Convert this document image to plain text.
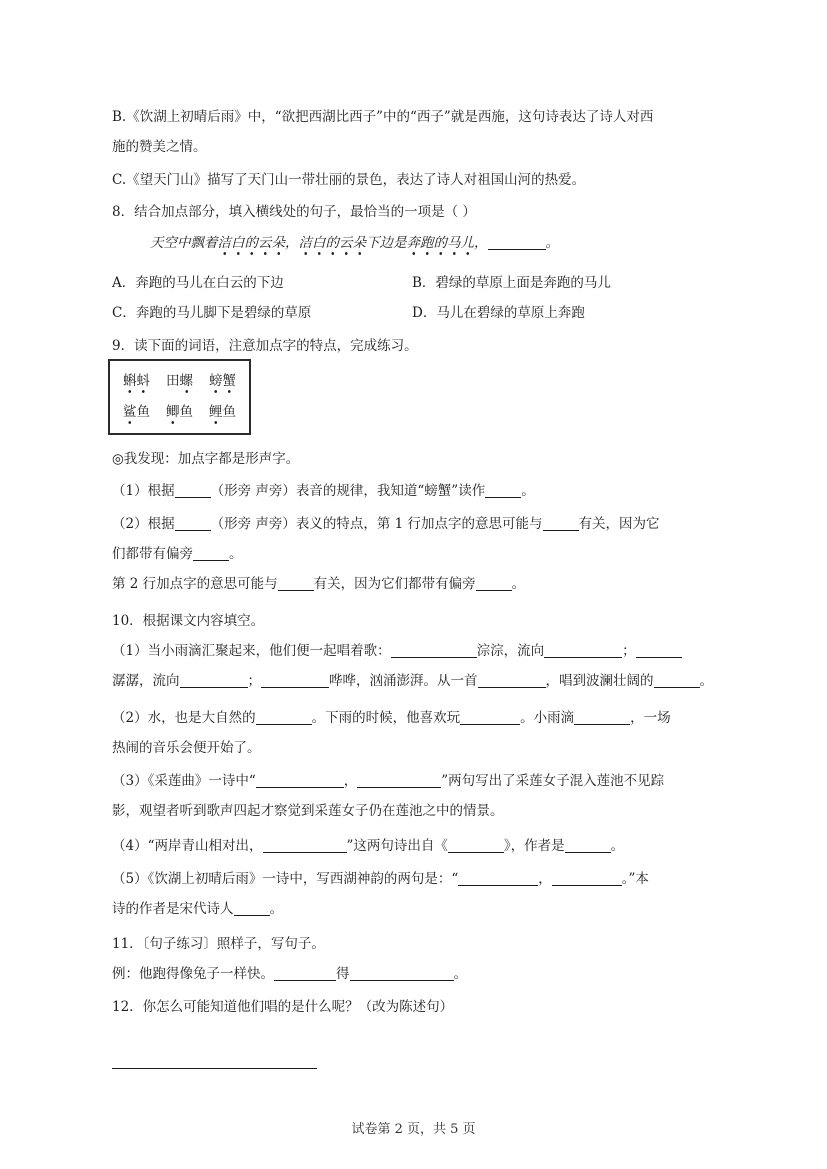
B.《饮湖上初晴后雨》中，“欲把西湖比西子”中的“西子”就是西施，这句诗表达了诗人对西
施的赞美之情。
C.《望天门山》描写了天门山一带壮丽的景色，表达了诗人对祖国山河的热爱。
8．结合加点部分，填入横线处的句子，最恰当的一项是（ ）
天空中飘着洁白的云朵，洁白的云朵下边是奔跑的马儿，	。
A．奔跑的马儿在白云的下边	B．碧绿的草原上面是奔跑的马儿
C．奔跑的马儿脚下是碧绿的草原	D．马儿在碧绿的草原上奔跑
9．读下面的词语，注意加点字的特点，完成练习。
蝌蚪 田螺 螃蟹
鲨鱼 鲫鱼 鲤鱼
◎我发现：加点字都是形声字。
（1）根据	（形旁 声旁）表音的规律，我知道“螃蟹”读作	。
（2）根据	（形旁 声旁）表义的特点，第 1 行加点字的意思可能与	有关，因为它
们都带有偏旁	。
第 2 行加点字的意思可能与	有关，因为它们都带有偏旁	。
10．根据课文内容填空。
（1）当小雨滴汇聚起来，他们便一起唱着歌：	淙淙，流向	；
潺潺，流向	；	哗哗，汹涌澎湃。从一首	，唱到波澜壮阔的	。
（2）水，也是大自然的	。下雨的时候，他喜欢玩	。小雨滴	，一场
热闹的音乐会便开始了。
（3）《采莲曲》一诗中“	，	”两句写出了采莲女子混入莲池不见踪
影，观望者听到歌声四起才察觉到采莲女子仍在莲池之中的情景。
（4）“两岸青山相对出，	”这两句诗出自《	》，作者是	。
（5）《饮湖上初晴后雨》一诗中，写西湖神韵的两句是：“	，	。”本
诗的作者是宋代诗人	。
11．〔句子练习〕照样子，写句子。
例：他跑得像兔子一样快。	得	。
12．你怎么可能知道他们唱的是什么呢？（改为陈述句）
试卷第 2 页，共 5 页
